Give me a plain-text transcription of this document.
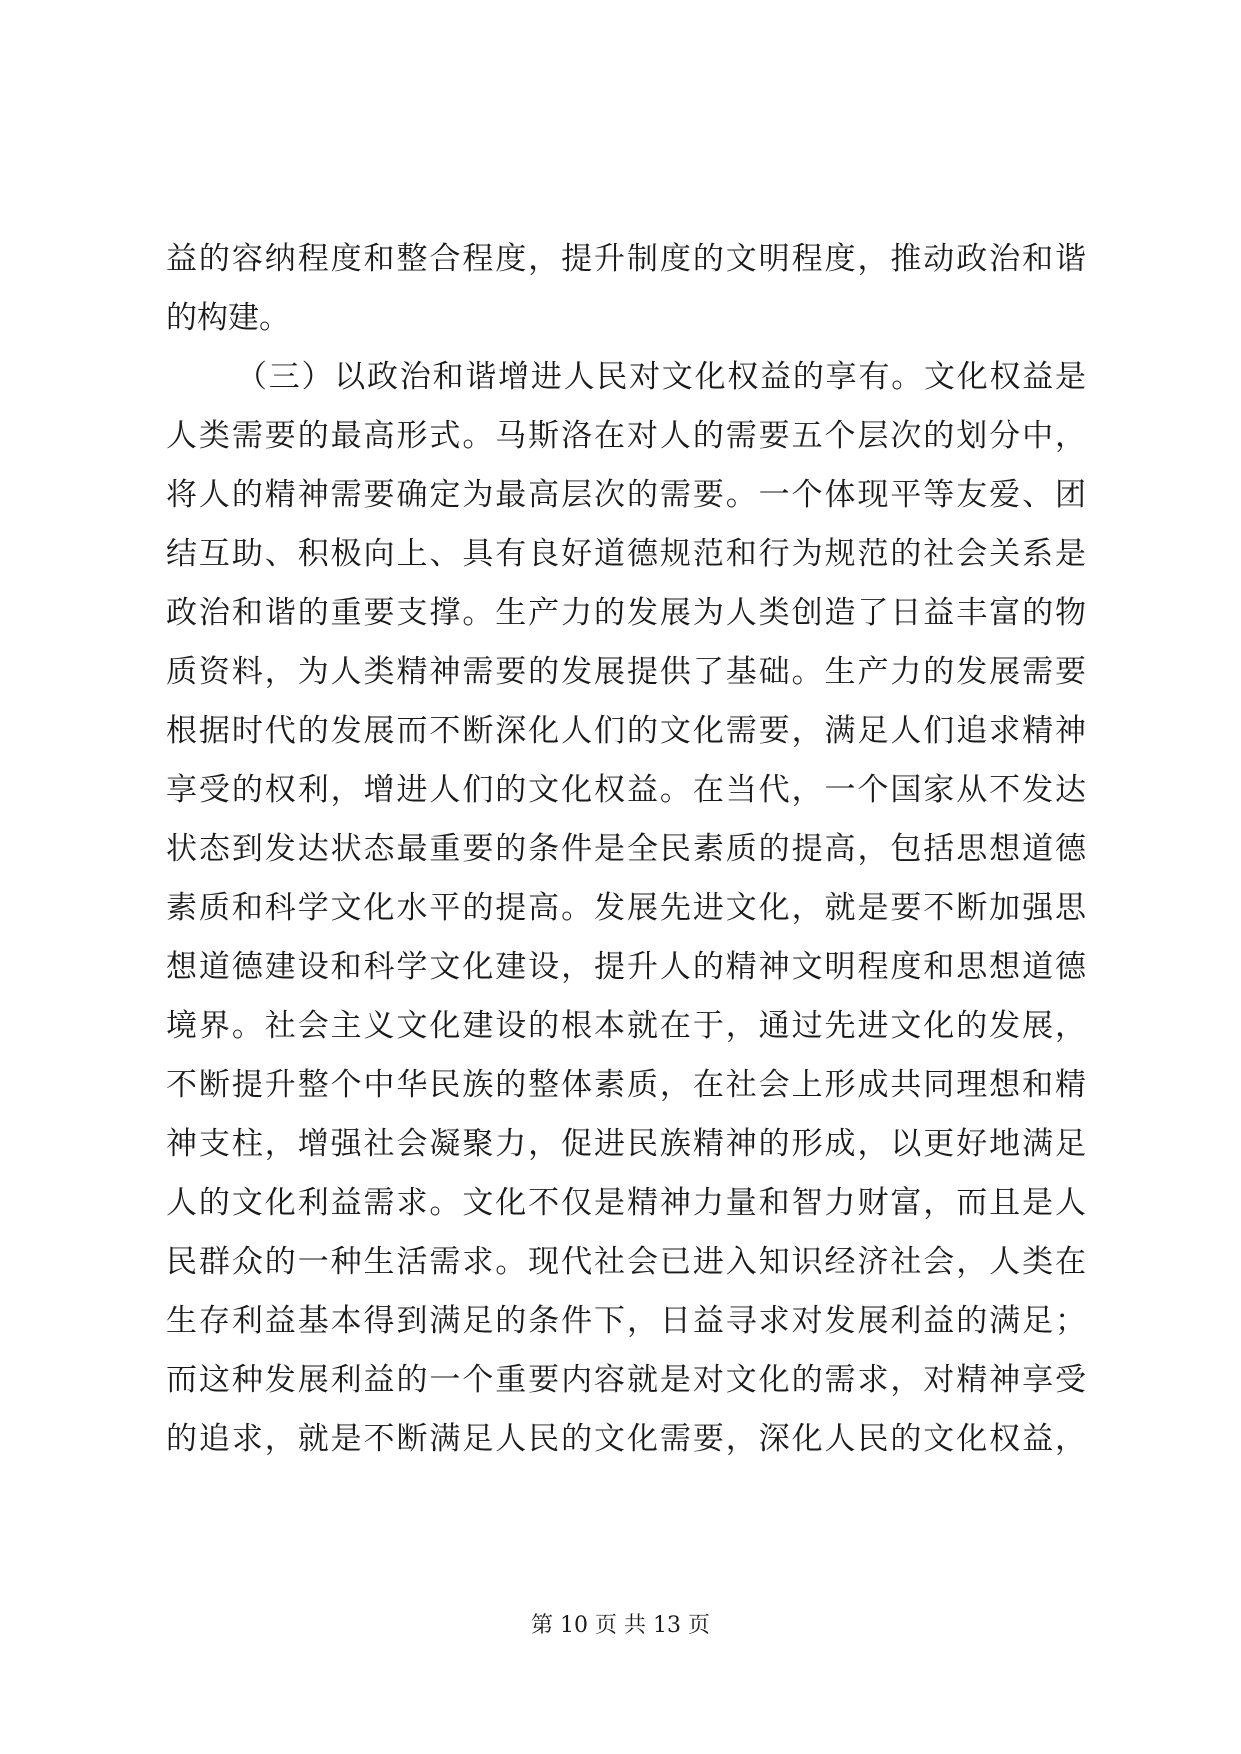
益的容纳程度和整合程度，提升制度的文明程度，推动政治和谐
的构建。
（三）以政治和谐增进人民对文化权益的享有。文化权益是
人类需要的最高形式。马斯洛在对人的需要五个层次的划分中，
将人的精神需要确定为最高层次的需要。一个体现平等友爱、团
结互助、积极向上、具有良好道德规范和行为规范的社会关系是
政治和谐的重要支撑。生产力的发展为人类创造了日益丰富的物
质资料，为人类精神需要的发展提供了基础。生产力的发展需要
根据时代的发展而不断深化人们的文化需要，满足人们追求精神
享受的权利，增进人们的文化权益。在当代，一个国家从不发达
状态到发达状态最重要的条件是全民素质的提高，包括思想道德
素质和科学文化水平的提高。发展先进文化，就是要不断加强思
想道德建设和科学文化建设，提升人的精神文明程度和思想道德
境界。社会主义文化建设的根本就在于，通过先进文化的发展，
不断提升整个中华民族的整体素质，在社会上形成共同理想和精
神支柱，增强社会凝聚力，促进民族精神的形成，以更好地满足
人的文化利益需求。文化不仅是精神力量和智力财富，而且是人
民群众的一种生活需求。现代社会已进入知识经济社会，人类在
生存利益基本得到满足的条件下，日益寻求对发展利益的满足；
而这种发展利益的一个重要内容就是对文化的需求，对精神享受
的追求，就是不断满足人民的文化需要，深化人民的文化权益，
第 10 页 共 13 页
